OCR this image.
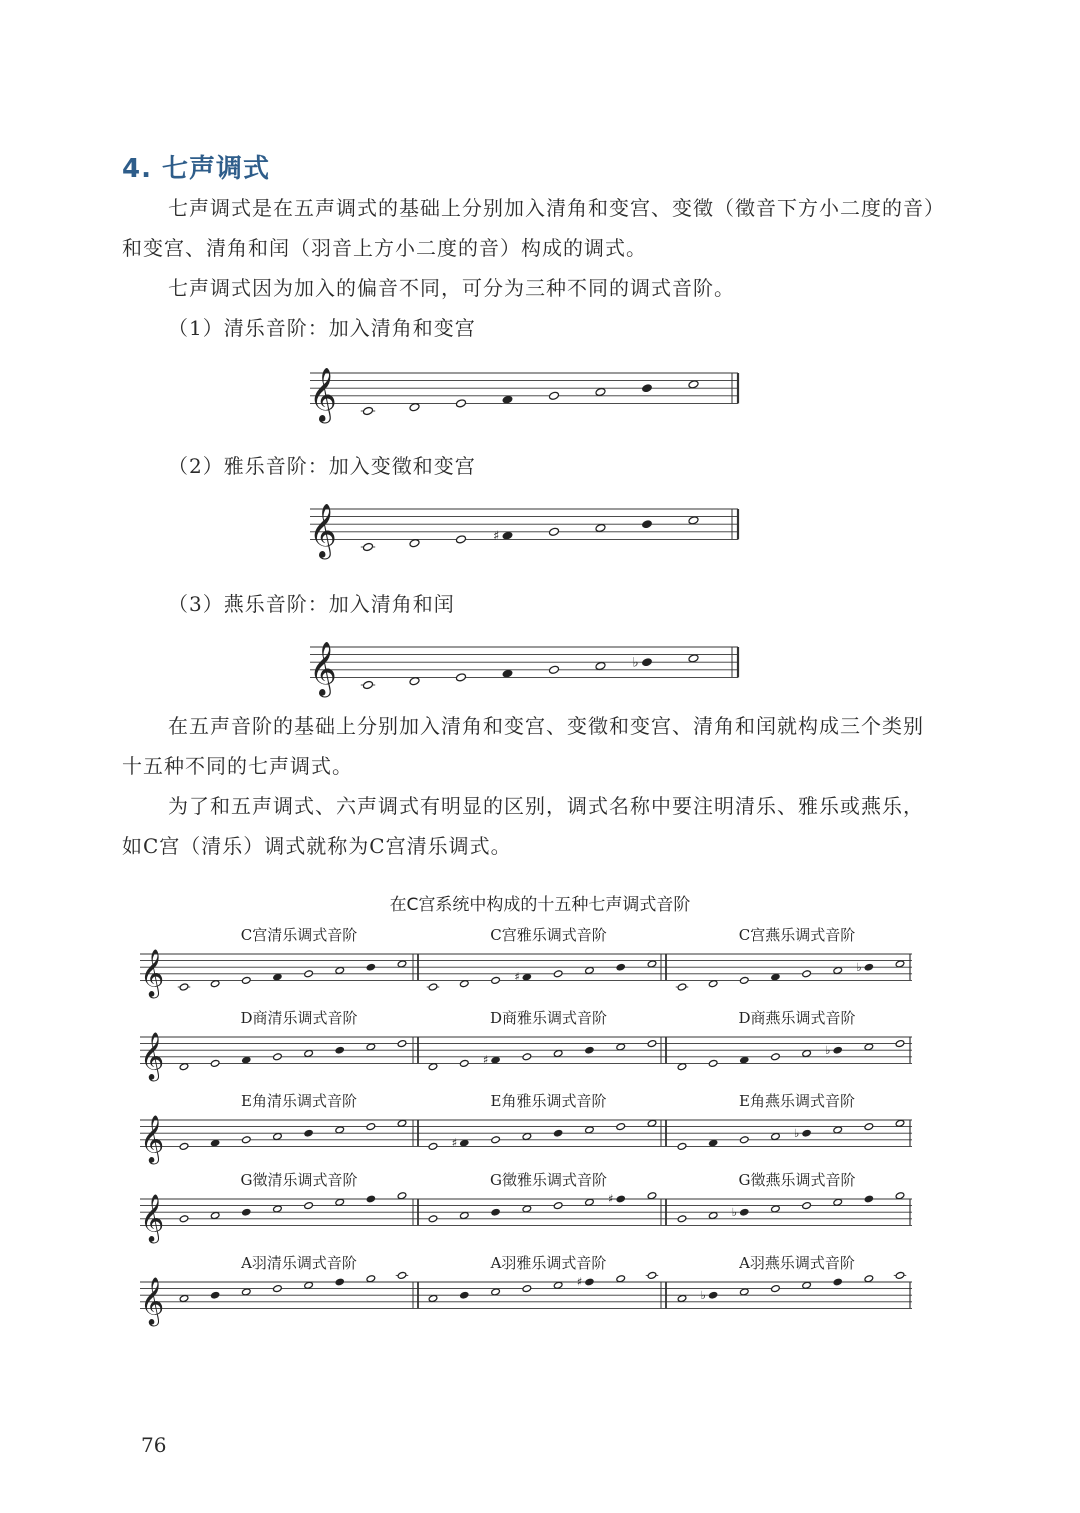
4. 七声调式
七声调式是在五声调式的基础上分别加入清角和变宫、变徵（徵音下方小二度的音）和变宫、清角和闰（羽音上方小二度的音）构成的调式。
七声调式因为加入的偏音不同，可分为三种不同的调式音阶。
（1）清乐音阶：加入清角和变宫
（2）雅乐音阶：加入变徵和变宫
（3）燕乐音阶：加入清角和闰
在五声音阶的基础上分别加入清角和变宫、变徵和变宫、清角和闰就构成三个类别十五种不同的七声调式。
为了和五声调式、六声调式有明显的区别，调式名称中要注明清乐、雅乐或燕乐，如C宫（清乐）调式就称为C宫清乐调式。
在C宫系统中构成的十五种七声调式音阶
𝄞
𝄞	♯
𝄞	♭
𝄞
C宫清乐调式音阶	C宫雅乐调式音阶
♯
C宫燕乐调式音阶
♭
𝄞
D商清乐调式音阶	D商雅乐调式音阶
♯
D商燕乐调式音阶
♭
𝄞
E角清乐调式音阶	E角雅乐调式音阶
♯
E角燕乐调式音阶
♭
𝄞
G徵清乐调式音阶	G徵雅乐调式音阶
♯
G徵燕乐调式音阶
♭
𝄞
A羽清乐调式音阶	A羽雅乐调式音阶
♯
A羽燕乐调式音阶
♭
76
